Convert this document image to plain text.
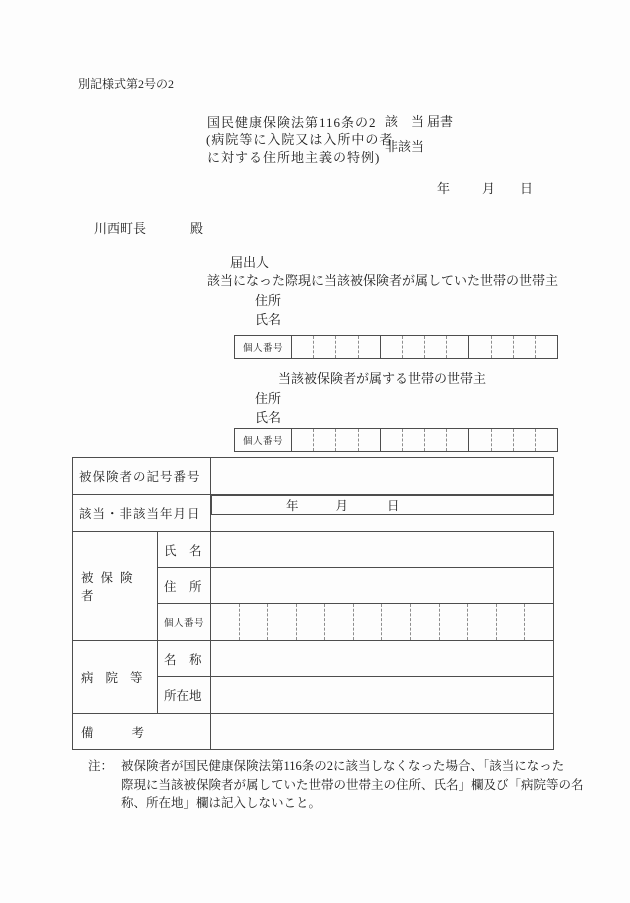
別記様式第2号の2
国民健康保険法第116条の2
(病院等に入院又は入所中の者
に対する住所地主義の特例)
該　当
非該当
届書
年 月 日
川西町長	殿
届出人
該当になった際現に当該被保険者が属していた世帯の世帯主
住所
氏名
個人番号
当該被保険者が属する世帯の世帯主
住所
氏名
個人番号
被保険者の記号番号		
該当・非該当年月日	
年	月	日

被保険者	氏　名	
	住　所	
	個人番号	

病院等	名　称	
	所在地	
備考		
注： 被保険者が国民健康保険法第116条の2に該当しなくなった場合、「該当になった
際現に当該被保険者が属していた世帯の世帯主の住所、氏名」欄及び「病院等の名
称、所在地」欄は記入しないこと。
